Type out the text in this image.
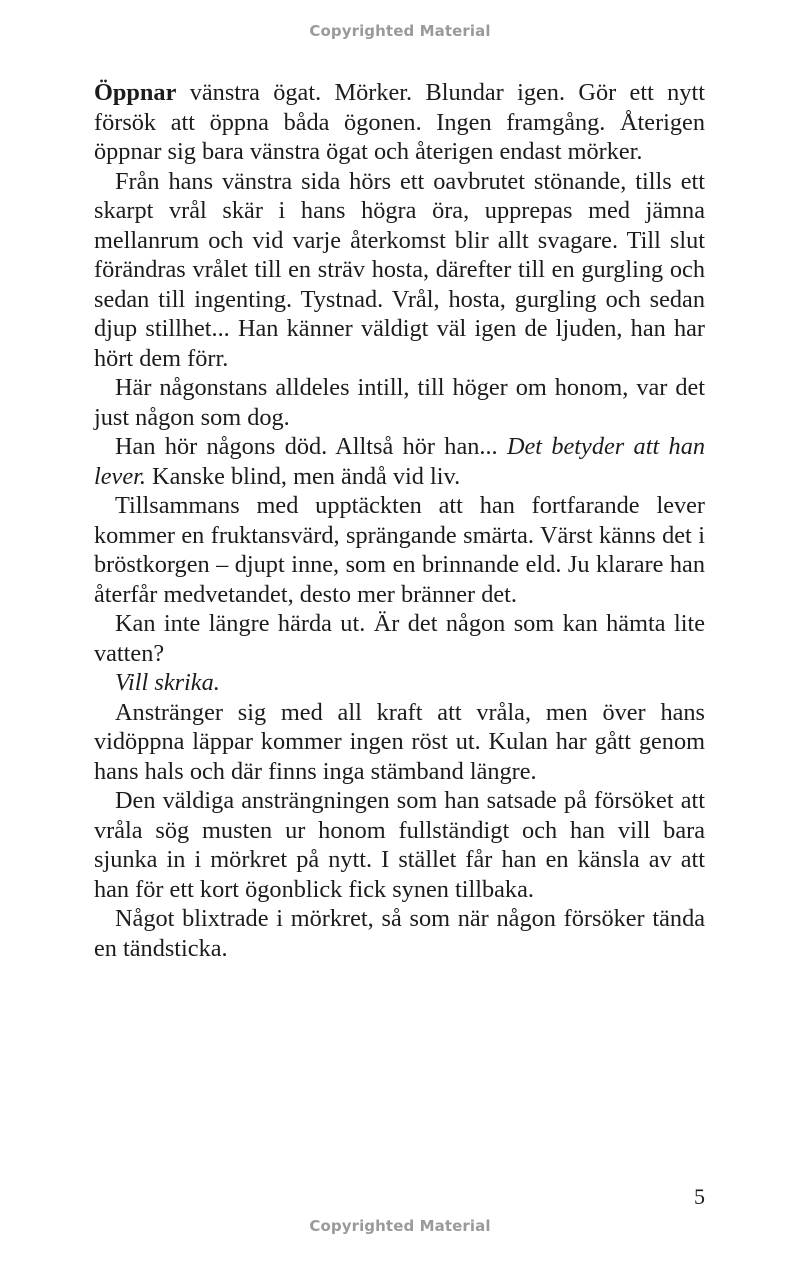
Copyrighted Material

Öppnar vänstra ögat. Mörker. Blundar igen. Gör ett nytt försök att öppna båda ögonen. Ingen framgång. Återigen öppnar sig bara vänstra ögat och återigen endast mörker.

Från hans vänstra sida hörs ett oavbrutet stönande, tills ett skarpt vrål skär i hans högra öra, upprepas med jämna mellanrum och vid varje återkomst blir allt svagare. Till slut förändras vrålet till en sträv hosta, därefter till en gurgling och sedan till ingenting. Tystnad. Vrål, hosta, gurgling och sedan djup stillhet... Han känner väldigt väl igen de ljuden, han har hört dem förr.

Här någonstans alldeles intill, till höger om honom, var det just någon som dog.

Han hör någons död. Alltså hör han... Det betyder att han lever. Kanske blind, men ändå vid liv.

Tillsammans med upptäckten att han fortfarande lever kommer en fruktansvärd, sprängande smärta. Värst känns det i bröstkorgen – djupt inne, som en brinnande eld. Ju klarare han återfår medvetandet, desto mer bränner det.

Kan inte längre härda ut. Är det någon som kan hämta lite vatten?

Vill skrika.

Anstränger sig med all kraft att vråla, men över hans vidöppna läppar kommer ingen röst ut. Kulan har gått genom hans hals och där finns inga stämband längre.

Den väldiga ansträngningen som han satsade på försöket att vråla sög musten ur honom fullständigt och han vill bara sjunka in i mörkret på nytt. I stället får han en känsla av att han för ett kort ögonblick fick synen tillbaka.

Något blixtrade i mörkret, så som när någon försöker tända en tändsticka.

5
Copyrighted Material
